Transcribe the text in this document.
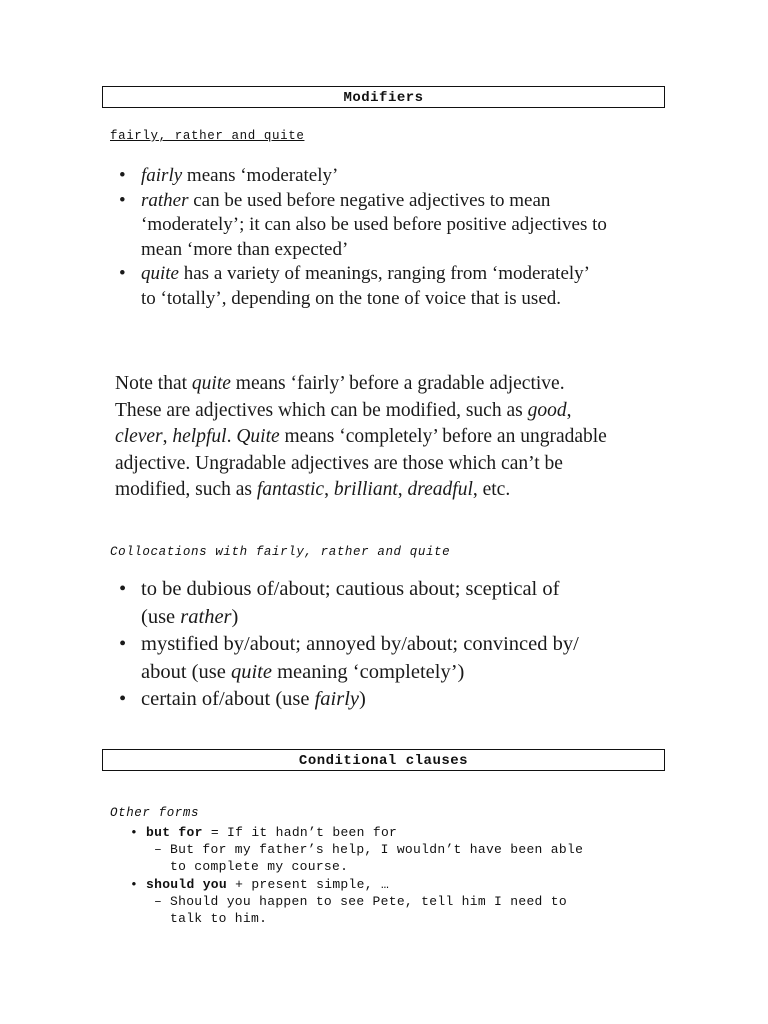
Modifiers
fairly, rather and quite
• fairly means ‘moderately’
• rather can be used before negative adjectives to mean
‘moderately’; it can also be used before positive adjectives to
mean ‘more than expected’
• quite has a variety of meanings, ranging from ‘moderately’
to ‘totally’, depending on the tone of voice that is used.
Note that quite means ‘fairly’ before a gradable adjective.
These are adjectives which can be modified, such as good,
clever, helpful. Quite means ‘completely’ before an ungradable
adjective. Ungradable adjectives are those which can’t be
modified, such as fantastic, brilliant, dreadful, etc.
Collocations with fairly, rather and quite
• to be dubious of/about; cautious about; sceptical of
(use rather)
• mystified by/about; annoyed by/about; convinced by/
about (use quite meaning ‘completely’)
• certain of/about (use fairly)
Conditional clauses
Other forms
• but for = If it hadn’t been for
– But for my father’s help, I wouldn’t have been able
to complete my course.
• should you + present simple, …
– Should you happen to see Pete, tell him I need to
talk to him.
